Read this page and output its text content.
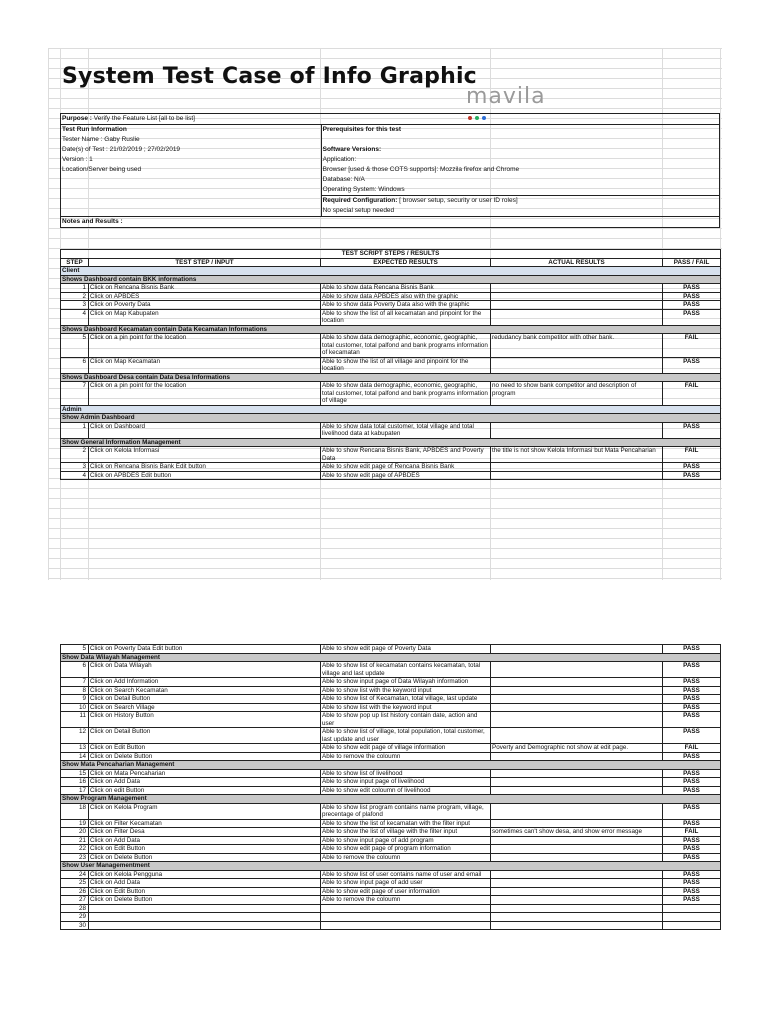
System Test Case of Info Graphic
mavila
Purpose : Verify the Feature List [all to be list]

Test Run Information
Tester Name : Gaby Ruslie
Date(s) of Test : 21/02/2019 ; 27/02/2019
Version : 1
Location/Server being used

Prerequisites for this test
Software Versions:
Application:
Browser [used & those COTS supports]: Mozzila firefox and Chrome
Database: N/A
Operating System: Windows
Required Configuration: [ browser setup, security or user ID roles]
No special setup needed

Notes and Results :
TEST SCRIPT STEPS / RESULTS				
STEP	TEST STEP / INPUT	EXPECTED RESULTS	ACTUAL RESULTS	PASS / FAIL
Client				
Shows Dashboard contain BKK informations				
1	Click on Rencana Bisnis Bank	Able to show data Rencana Bisnis Bank		PASS
2	Click on APBDES	Able to show data APBDES also with the graphic		PASS
3	Click on Poverty Data	Able to show data Poverty Data also with the graphic		PASS
4	Click on Map Kabupaten	Able to show the list of all kecamatan and pinpoint for the location		PASS
Shows Dashboard Kecamatan contain Data Kecamatan Informations				
5	Click on a pin point for the location	Able to show data demographic, economic, geographic, total customer, total palfond and bank programs information of kecamatan	redudancy bank competitor with other bank.	FAIL
6	Click on Map Kecamatan	Able to show the list of all village and pinpoint for the location		PASS
Shows Dashboard Desa contain Data Desa Informations				
7	Click on a pin point for the location	Able to show data demographic, economic, geographic, total customer, total palfond and bank programs information of village	no need to show bank competitor and description of program	FAIL
Admin				
Show Admin Dashboard				
1	Click on Dashboard	Able to show data total customer, total village and total livelihood data at kabupaten		PASS
Show General Information Management				
2	Click on Kelola Informasi	Able to show Rencana Bisnis Bank, APBDES and Poverty Data	the title is not show Kelola Informasi but Mata Pencaharian	FAIL
3	Click on Rencana Bisnis Bank Edit button	Able to show edit page of Rencana Bisnis Bank		PASS
4	Click on APBDES Edit button	Able to show edit page of APBDES		PASS
5	Click on Poverty Data Edit button	Able to show edit page of Poverty Data		PASS
Show Data Wilayah Management				
6	Click on Data Wilayah	Able to show list of kecamatan contains kecamatan, total village and last update		PASS
7	Click on Add Information	Able to show input page of Data Wilayah information		PASS
8	Click on Search Kecamatan	Able to show list with the keyword input		PASS
9	Click on Detail Button	Able to show list of Kecamatan, total village, last update		PASS
10	Click on Search Village	Able to show list with the keyword input		PASS
11	Click on History Button	Able to show pop up list history contain date, action and user		PASS
12	Click on Detail Button	Able to show list of village, total population, total customer, last update and user		PASS
13	Click on Edit Button	Able to show edit page of village information	Poverty and Demographic not show at edit page.	FAIL
14	Click on Delete Button	Able to remove the coloumn		PASS
Show Mata Pencaharian Management				
15	Click on Mata Pencaharian	Able to show list of livelihood		PASS
16	Click on Add Data	Able to show input page of livelihood		PASS
17	Click on edit Button	Able to show edit coloumn of livelihood		PASS
Show Program Management				
18	Click on Kelola Program	Able to show list program contains name program, village, precentage of plafond		PASS
19	Click on Filter Kecamatan	Able to show the list of kecamatan with the filter input		PASS
20	Click on Filter Desa	Able to show the list of village with the filter input	sometimes can't show desa, and show error message	FAIL
21	Click on Add Data	Able to show input page of add program		PASS
22	Click on Edit Button	Able to show edit page of program information		PASS
23	Click on Delete Button	Able to remove the coloumn		PASS
Show User Managementment				
24	Click on Kelola Pengguna	Able to show list of user contains name of user and email		PASS
25	Click on Add Data	Able to show input page of add user		PASS
26	Click on Edit Button	Able to show edit page of user information		PASS
27	Click on Delete Button	Able to remove the coloumn		PASS
28				
29				
30				
